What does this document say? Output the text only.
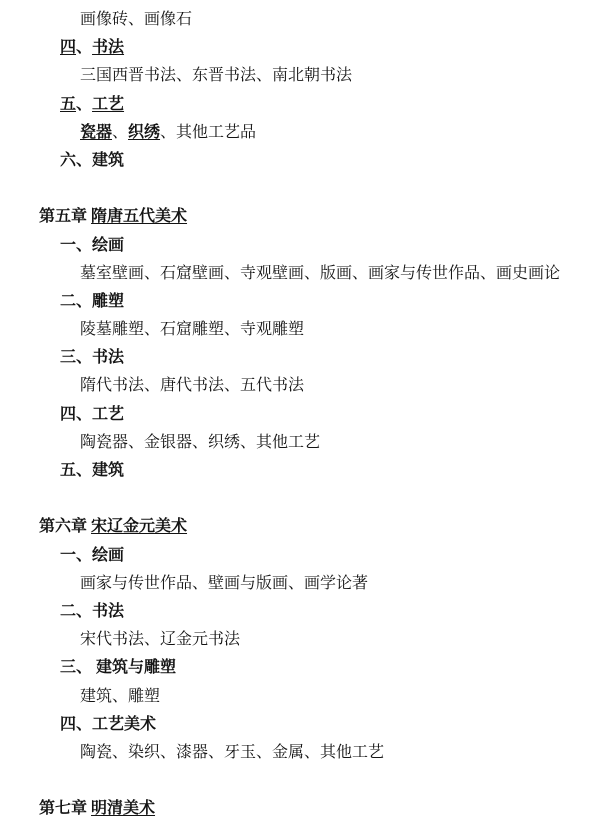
画像砖、画像石
四、书法
三国西晋书法、东晋书法、南北朝书法
五、工艺
瓷器、织绣、其他工艺品
六、建筑
第五章 隋唐五代美术
一、绘画
墓室壁画、石窟壁画、寺观壁画、版画、画家与传世作品、画史画论
二、雕塑
陵墓雕塑、石窟雕塑、寺观雕塑
三、书法
隋代书法、唐代书法、五代书法
四、工艺
陶瓷器、金银器、织绣、其他工艺
五、建筑
第六章 宋辽金元美术
一、绘画
画家与传世作品、壁画与版画、画学论著
二、书法
宋代书法、辽金元书法
三、 建筑与雕塑
建筑、雕塑
四、工艺美术
陶瓷、染织、漆器、牙玉、金属、其他工艺
第七章 明清美术
